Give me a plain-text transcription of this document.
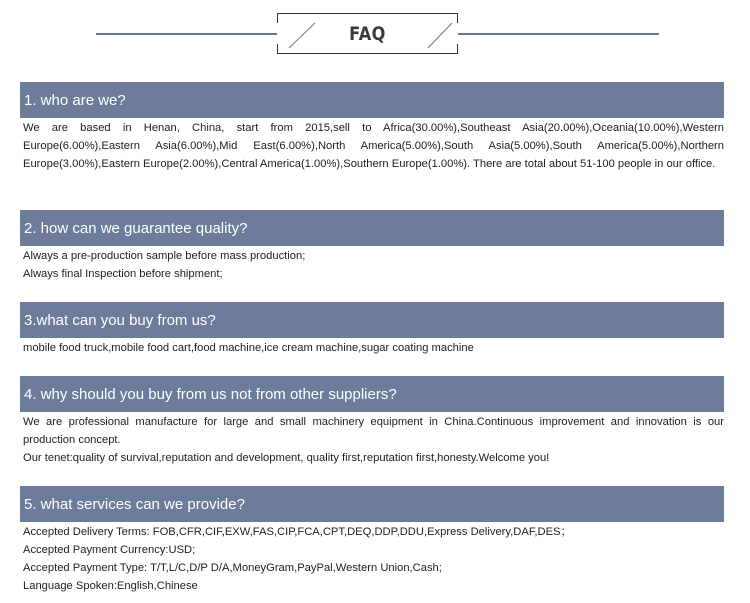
FAQ
1. who are we?

We are based in Henan, China, start from 2015,sell to Africa(30.00%),Southeast Asia(20.00%),Oceania(10.00%),Western Europe(6.00%),Eastern Asia(6.00%),Mid East(6.00%),North America(5.00%),South Asia(5.00%),South America(5.00%),Northern Europe(3.00%),Eastern Europe(2.00%),Central America(1.00%),Southern Europe(1.00%). There are total about 51-100 people in our office.

2. how can we guarantee quality?

Always a pre-production sample before mass production;

Always final Inspection before shipment;

3.what can you buy from us?

mobile food truck,mobile food cart,food machine,ice cream machine,sugar coating machine

4. why should you buy from us not from other suppliers?

We are professional manufacture for large and small machinery equipment in China.Continuous improvement and innovation is our production concept.

Our tenet:quality of survival,reputation and development, quality first,reputation first,honesty.Welcome you!

5. what services can we provide?

Accepted Delivery Terms: FOB,CFR,CIF,EXW,FAS,CIP,FCA,CPT,DEQ,DDP,DDU,Express Delivery,DAF,DES；

Accepted Payment Currency:USD;

Accepted Payment Type: T/T,L/C,D/P D/A,MoneyGram,PayPal,Western Union,Cash;

Language Spoken:English,Chinese
